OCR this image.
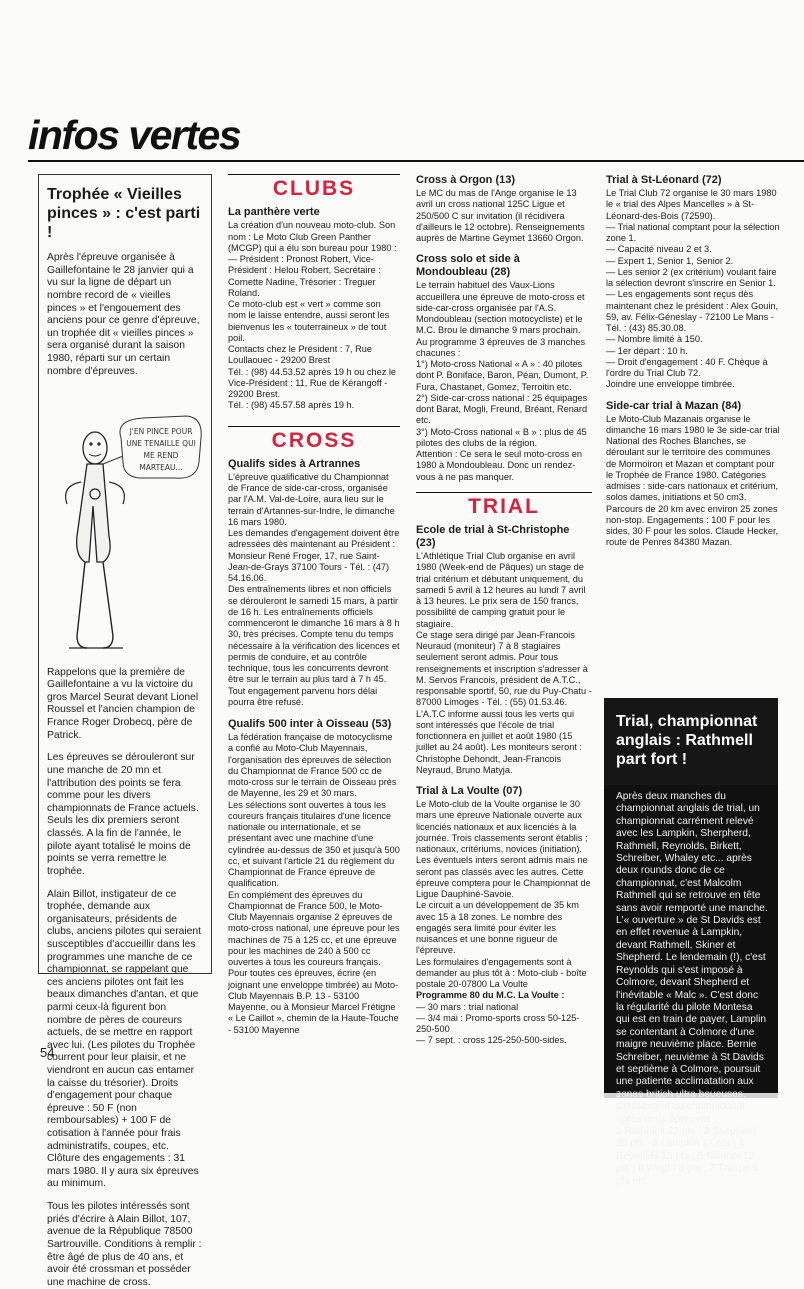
infos vertes

Trophée « Vieilles pinces » : c'est parti !

Après l'épreuve organisée à Gaillefontaine le 28 janvier qui a vu sur la ligne de départ un nombre record de « vieilles pinces » et l'engouement des anciens pour ce genre d'épreuve, un trophée dit « vieilles pinces » sera organisé durant la saison 1980, réparti sur un certain nombre d'épreuves.

J'EN PINCE POUR
UNE TENAILLE QUI
ME REND
MARTEAU...

Rappelons que la première de Gaillefontaine a vu la victoire du gros Marcel Seurat devant Lionel Roussel et l'ancien champion de France Roger Drobecq, père de Patrick.

Les épreuves se dérouleront sur une manche de 20 mn et l'attribution des points se fera comme pour les divers championnats de France actuels. Seuls les dix premiers seront classés. A la fin de l'année, le pilote ayant totalisé le moins de points se verra remettre le trophée.

Alain Billot, instigateur de ce trophée, demande aux organisateurs, présidents de clubs, anciens pilotes qui seraient susceptibles d'accueillir dans les programmes une manche de ce championnat, se rappelant que ces anciens pilotes ont fait les beaux dimanches d'antan, et que parmi ceux-là figurent bon nombre de pères de coureurs actuels, de se mettre en rapport avec lui. (Les pilotes du Trophée courrent pour leur plaisir, et ne viendront en aucun cas entamer la caisse du trésorier). Droits d'engagement pour chaque épreuve : 50 F (non remboursables) + 100 F de cotisation à l'année pour frais administratifs, coupes, etc. Clôture des engagements : 31 mars 1980. Il y aura six épreuves au minimum.

Tous les pilotes intéressés sont priés d'écrire à Alain Billot, 107, avenue de la République 78500 Sartrouville. Conditions à remplir : être âgé de plus de 40 ans, et avoir été crossman et posséder une machine de cross.

CLUBS

La panthère verte

La création d'un nouveau moto-club. Son nom : Le Moto Club Green Panther (MCGP) qui a élu son bureau pour 1980 :

— Président : Pronost Robert, Vice-Président : Helou Robert, Secrétaire : Cornette Nadine, Trésorier : Treguer Roland.

Ce moto-club est « vert » comme son nom le laisse entendre, aussi seront les bienvenus les « touterraineux » de tout poil.

Contacts chez le Président : 7, Rue Loullaouec - 29200 Brest

Tél. : (98) 44.53.52 après 19 h ou chez le Vice-Président : 11, Rue de Kérangoff - 29200 Brest.

Tél. : (98) 45.57.58 après 19 h.

CROSS

Qualifs sides à Artrannes

L'épreuve qualificative du Championnat de France de side-car-cross, organisée par l'A.M. Val-de-Loire, aura lieu sur le terrain d'Artannes-sur-Indre, le dimanche 16 mars 1980.

Les demandes d'engagement doivent être adressées dès maintenant au Président : Monsieur René Froger, 17, rue Saint-Jean-de-Grays 37100 Tours - Tél. : (47) 54.16.06.

Des entraînements libres et non officiels se dérouleront le samedi 15 mars, à partir de 16 h. Les entraînements officiels commenceront le dimanche 16 mars à 8 h 30, très précises. Compte tenu du temps nécessaire à la vérification des licences et permis de conduire, et au contrôle technique, tous les concurrents devront être sur le terrain au plus tard à 7 h 45.

Tout engagement parvenu hors délai pourra être refusé.

Qualifs 500 inter à Oisseau (53)

La fédération française de motocyclisme a confié au Moto-Club Mayennais, l'organisation des épreuves de sélection du Championnat de France 500 cc de moto-cross sur le terrain de Oisseau près de Mayenne, les 29 et 30 mars.

Les sélections sont ouvertes à tous les coureurs français titulaires d'une licence nationale ou internationale, et se présentant avec une machine d'une cylindrée au-dessus de 350 et jusqu'à 500 cc, et suivant l'article 21 du règlement du Championnat de France épreuve de qualification.

En complément des épreuves du Championnat de France 500, le Moto-Club Mayennais organise 2 épreuves de moto-cross national, une épreuve pour les machines de 75 à 125 cc, et une épreuve pour les machines de 240 à 500 cc ouvertes à tous les coureurs français.

Pour toutes ces épreuves, écrire (en joignant une enveloppe timbrée) au Moto-Club Mayennais B.P. 13 - 53100 Mayenne, ou à Monsieur Marcel Frétigne « Le Caillot », chemin de la Haute-Touche - 53100 Mayenne

Cross à Orgon (13)

Le MC du mas de l'Ange organise le 13 avril un cross national 125C Ligue et 250/500 C sur invitation (il récidivera d'ailleurs le 12 octobre). Renseignements auprès de Martine Geymet 13660 Orgon.

Cross solo et side à Mondoubleau (28)

Le terrain habituel des Vaux-Lions accueillera une épreuve de moto-cross et side-car-cross organisée par l'A.S. Mondoubleau (section motocycliste) et le M.C. Brou le dimanche 9 mars prochain.

Au programme 3 épreuves de 3 manches chacunes :

1°) Moto-cross National « A » : 40 pilotes dont P. Boniface, Baron, Péan, Dumont, P. Fura, Chastanet, Gomez, Terroitin etc.

2°) Side-car-cross national : 25 équipages dont Barat, Mogli, Freund, Bréant, Renard etc.

3°) Moto-Cross national « B » : plus de 45 pilotes des clubs de la région.

Attention : Ce sera le seul moto-cross en 1980 à Mondoubleau. Donc un rendez-vous à ne pas manquer.

TRIAL

Ecole de trial à St-Christophe (23)

L'Athlétique Trial Club organise en avril 1980 (Week-end de Pâques) un stage de trial critérium et débutant uniquement, du samedi 5 avril à 12 heures au lundi 7 avril à 13 heures. Le prix sera de 150 francs, possibilité de camping gratuit pour le stagiaire.

Ce stage sera dirigé par Jean-Francois Neuraud (moniteur) 7 à 8 stagiaires seulement seront admis. Pour tous renseignements et inscription s'adresser à M. Servos Francois, président de A.T.C., responsable sportif, 50, rue du Puy-Chatu - 87000 Limoges - Tél. : (55) 01.53.46.

L'A.T.C informe aussi tous les verts qui sont intéressés que l'école de trial fonctionnera en juillet et août 1980 (15 juillet au 24 août). Les moniteurs seront : Christophe Dehondt, Jean-Francois Neyraud, Bruno Matyja.

Trial à La Voulte (07)

Le Moto-club de la Voulte organise le 30 mars une épreuve Nationale ouverte aux licenciés nationaux et aux licenciés à la journée. Trois classements seront établis ; nationaux, critériums, novices (initiation). Les éventuels inters seront admis mais ne seront pas classés avec les autres. Cette épreuve comptera pour le Championnat de Ligue Dauphiné-Savoie.

Le circuit a un développement de 35 km avec 15 à 18 zones. Le nombre des engagés sera limité pour éviter les nuisances et une bonne rigueur de l'épreuve.

Les formulaires d'engagements sont à demander au plus tôt à : Moto-club - boîte postale 20-07800 La Voulte

Programme 80 du M.C. La Voulte :

— 30 mars : trial national

— 3/4 mai : Promo-sports cross 50-125-250-500

— 7 sept. : cross 125-250-500-sides.

Trial à St-Léonard (72)

Le Trial Club 72 organise le 30 mars 1980 le « trial des Alpes Mancelles » à St-Léonard-des-Bois (72590).

— Trial national comptant pour la sélection zone 1.

— Capacité niveau 2 et 3.

— Expert 1, Senior 1, Senior 2.

— Les senior 2 (ex critérium) voulant faire la sélection devront s'inscrire en Senior 1.

— Les engagements sont reçus dès maintenant chez le président : Alex Gouin, 59, av. Félix-Géneslay - 72100 Le Mans - Tél. : (43) 85.30.08.

— Nombre limité à 150.

— 1er départ : 10 h.

— Droit d'engagement : 40 F. Chèque à l'ordre du Trial Club 72.

Joindre une enveloppe timbrée.

Side-car trial à Mazan (84)

Le Moto-Club Mazanais organise le dimanche 16 mars 1980 le 3e side-car trial National des Roches Blanches, se déroulant sur le territoire des communes de Mormoiron et Mazan et comptant pour le Trophée de France 1980. Catégories admises : side-cars nationaux et critérium, solos dames, initiations et 50 cm3. Parcours de 20 km avec environ 25 zones non-stop. Engagements : 100 F pour les sides, 30 F pour les solos. Claude Hecker, route de Penres 84380 Mazan.

Trial, championnat anglais : Rathmell part fort !

Après deux manches du championnat anglais de trial, un championnat carrément relevé avec les Lampkin, Sherpherd, Rathmell, Reynolds, Birkett, Schreiber, Whaley etc... après deux rounds donc de ce championnat, c'est Malcolm Rathmell qui se retrouve en tête sans avoir remporté une manche. L'« ouverture » de St Davids est en effet revenue à Lampkin, devant Rathmell, Skiner et Shepherd. Le lendemain (!), c'est Reynolds qui s'est imposé à Colmore, devant Shepherd et l'inévitable « Malc ». C'est donc la régularité du pilote Montesa qui est en train de payer, Lamplin se contentant à Colmore d'une maigre neuvième place. Bernie Schreiber, neuvième à St Davids et septième à Colmore, poursuit une patiente acclimatation aux zones british ultra boueuses.

Classement du championnat après deux épreuves :

1 Rathmell 22 pts ; 2 Shepherd 20 pts ; 3 Lampkin 17 pts ; 4 Reynolds 15 pts ; 5 Skinner 12 pts ; 6 Wright 8 pts ; 7 Thorpe 6 pts etc.

54
